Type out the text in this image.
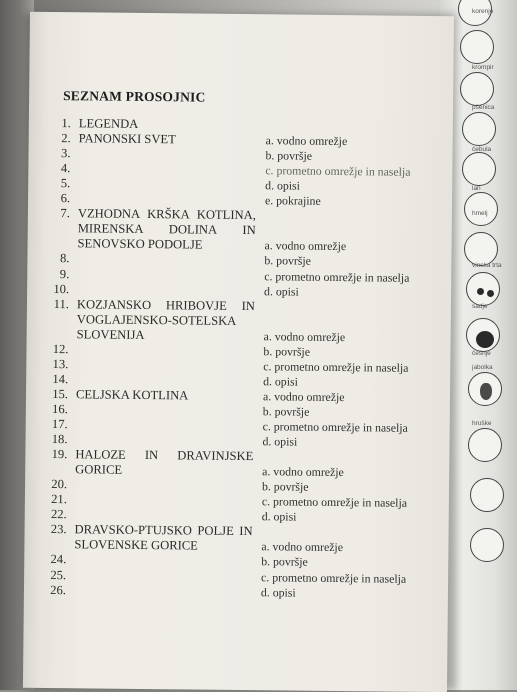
korenje
krompir
pšenica
čebula
lan
hmelj
vinska trta
sadje
češnje
jabolka
hruške
SEZNAM PROSOJNIC
1. LEGENDA
2. PANONSKI SVET	a. vodno omrežje
3.	b. površje
4.	c. prometno omrežje in naselja
5.	d. opisi
6.	e. pokrajine
7. VZHODNA KRŠKA KOTLINA,
MIRENSKA DOLINA IN
SENOVSKO PODOLJE	a. vodno omrežje
8.	b. površje
9.	c. prometno omrežje in naselja
10.	d. opisi
11. KOZJANSKO HRIBOVJE IN
VOGLAJENSKO-SOTELSKA
SLOVENIJA	a. vodno omrežje
12.	b. površje
13.	c. prometno omrežje in naselja
14.	d. opisi
15. CELJSKA KOTLINA	a. vodno omrežje
16.	b. površje
17.	c. prometno omrežje in naselja
18.	d. opisi
19. HALOZE IN DRAVINJSKE
GORICE	a. vodno omrežje
20.	b. površje
21.	c. prometno omrežje in naselja
22.	d. opisi
23. DRAVSKO-PTUJSKO POLJE IN
SLOVENSKE GORICE	a. vodno omrežje
24.	b. površje
25.	c. prometno omrežje in naselja
26.	d. opisi
